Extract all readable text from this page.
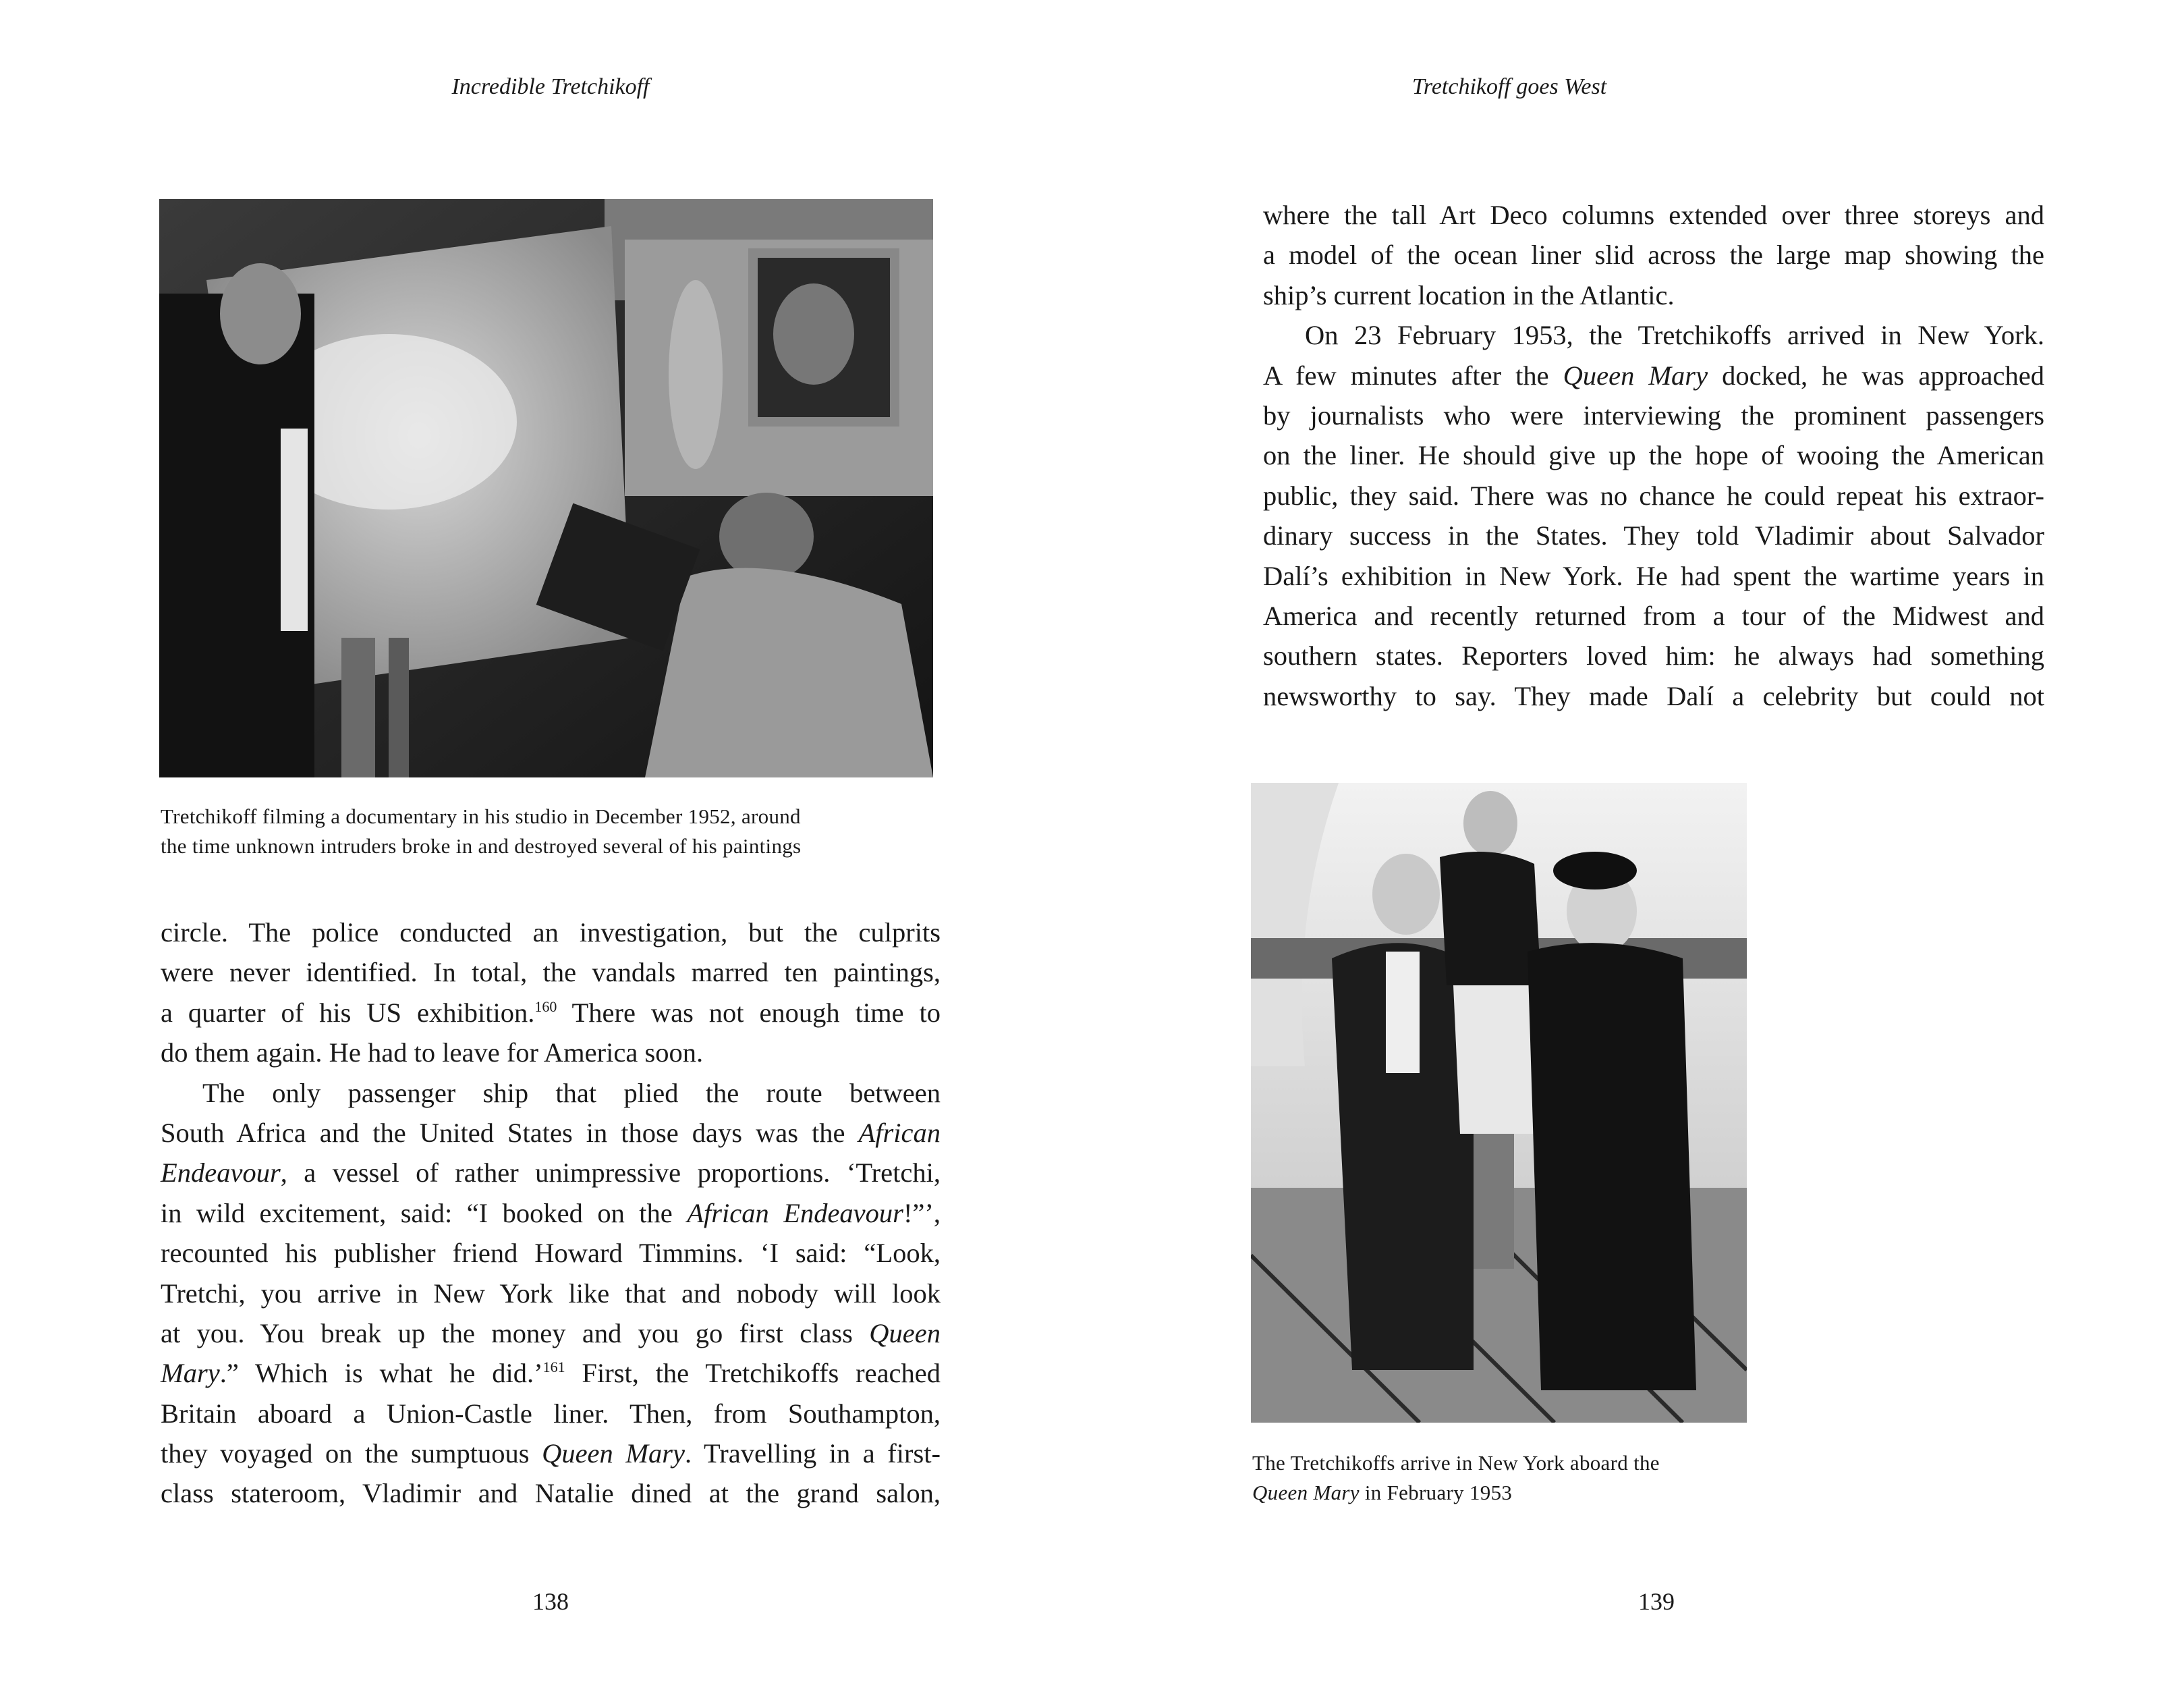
Incredible Tretchikoff
Tretchikoff filming a documentary in his studio in December 1952, around
the time unknown intruders broke in and destroyed several of his paintings
circle. The police conducted an investigation, but the culprits
were never identified. In total, the vandals marred ten paintings,
a quarter of his US exhibition.$^{160}$ There was not enough time to
do them again. He had to leave for America soon.
The only passenger ship that plied the route between
South Africa and the United States in those days was the African
Endeavour, a vessel of rather unimpressive proportions. ‘Tretchi,
in wild excitement, said: “I booked on the African Endeavour!”’,
recounted his publisher friend Howard Timmins. ‘I said: “Look,
Tretchi, you arrive in New York like that and nobody will look
at you. You break up the money and you go first class Queen
Mary.” Which is what he did.’$^{161}$ First, the Tretchikoffs reached
Britain aboard a Union-Castle liner. Then, from Southampton,
they voyaged on the sumptuous Queen Mary. Travelling in a first-
class stateroom, Vladimir and Natalie dined at the grand salon,
138
Tretchikoff goes West
where the tall Art Deco columns extended over three storeys and
a model of the ocean liner slid across the large map showing the
ship’s current location in the Atlantic.
On 23 February 1953, the Tretchikoffs arrived in New York.
A few minutes after the Queen Mary docked, he was approached
by journalists who were interviewing the prominent passengers
on the liner. He should give up the hope of wooing the American
public, they said. There was no chance he could repeat his extraor-
dinary success in the States. They told Vladimir about Salvador
Dalí’s exhibition in New York. He had spent the wartime years in
America and recently returned from a tour of the Midwest and
southern states. Reporters loved him: he always had something
newsworthy to say. They made Dalí a celebrity but could not
The Tretchikoffs arrive in New York aboard the
Queen Mary in February 1953
139
